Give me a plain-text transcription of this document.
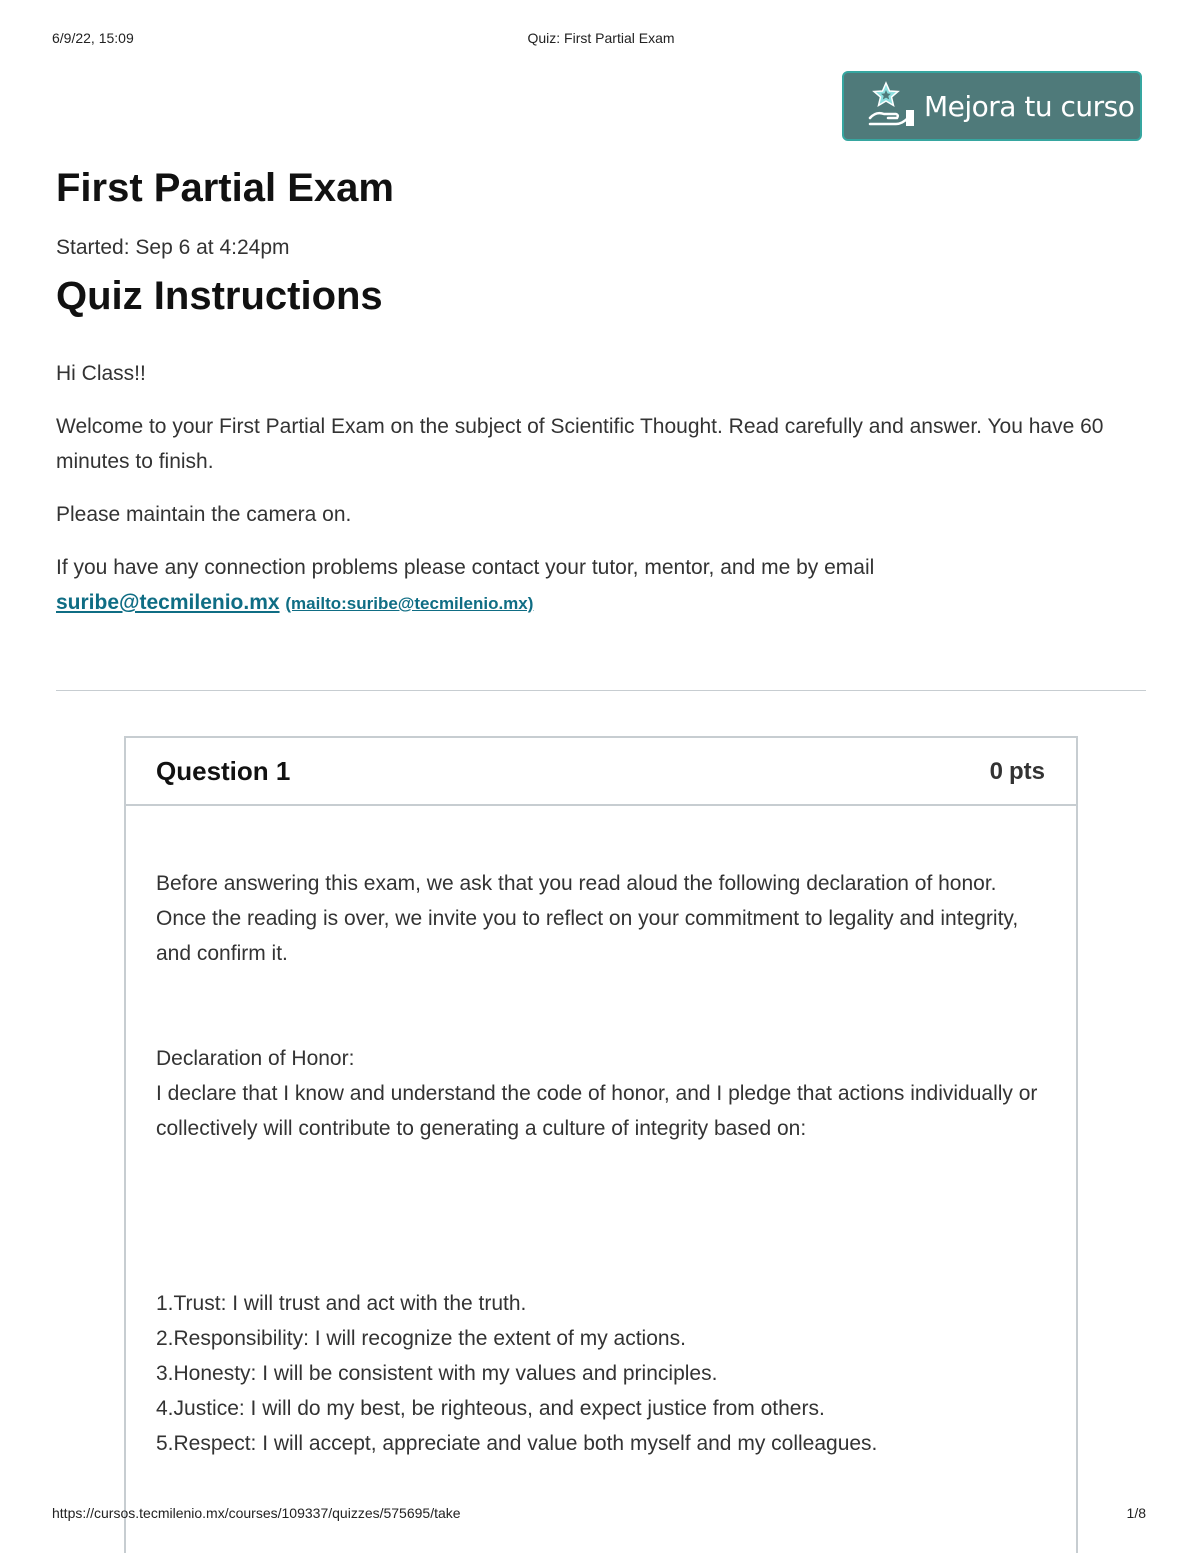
6/9/22, 15:09	Quiz: First Partial Exam
Mejora tu curso
First Partial Exam
Started: Sep 6 at 4:24pm
Quiz Instructions

Hi Class!!

Welcome to your First Partial Exam on the subject of Scientific Thought. Read carefully and answer. You have 60 minutes to finish.

Please maintain the camera on.

If you have any connection problems please contact your tutor, mentor, and me by email
suribe@tecmilenio.mx (mailto:suribe@tecmilenio.mx)

Question 1	0 pts

Before answering this exam, we ask that you read aloud the following declaration of honor. Once the reading is over, we invite you to reflect on your commitment to legality and integrity, and confirm it.

Declaration of Honor:

I declare that I know and understand the code of honor, and I pledge that actions individually or collectively will contribute to generating a culture of integrity based on:

1.Trust: I will trust and act with the truth.
2.Responsibility: I will recognize the extent of my actions.
3.Honesty: I will be consistent with my values and principles.
4.Justice: I will do my best, be righteous, and expect justice from others.
5.Respect: I will accept, appreciate and value both myself and my colleagues.
https://cursos.tecmilenio.mx/courses/109337/quizzes/575695/take	1/8
